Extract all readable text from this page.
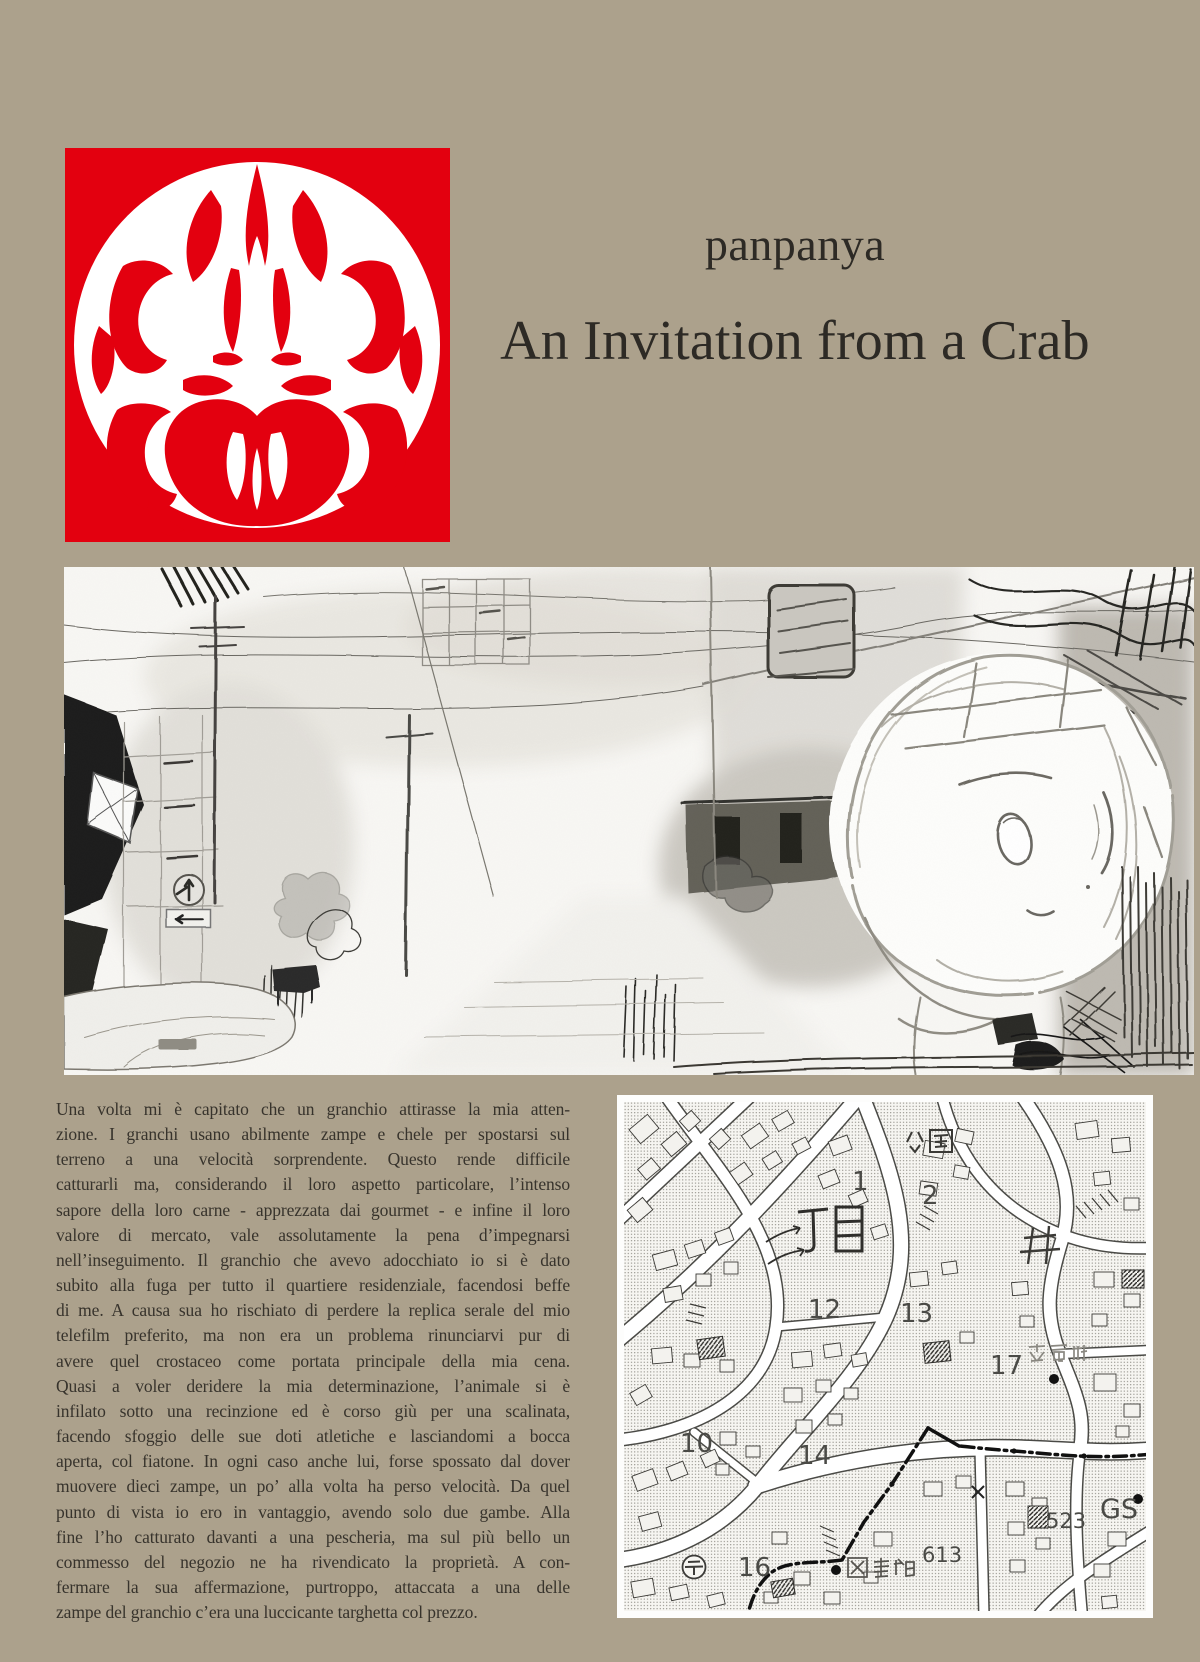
panpanya
An Invitation from a Crab
Una volta mi è capitato che un granchio attirasse la mia atten-
zione. I granchi usano abilmente zampe e chele per spostarsi sul
terreno a una velocità sorprendente. Questo rende difficile
catturarli ma, considerando il loro aspetto particolare, l’intenso
sapore della loro carne - apprezzata dai gourmet - e infine il loro
valore di mercato, vale assolutamente la pena d’impegnarsi
nell’inseguimento. Il granchio che avevo adocchiato io si è dato
subito alla fuga per tutto il quartiere residenziale, facendosi beffe
di me. A causa sua ho rischiato di perdere la replica serale del mio
telefilm preferito, ma non era un problema rinunciarvi pur di
avere quel crostaceo come portata principale della mia cena.
Quasi a voler deridere la mia determinazione, l’animale si è
infilato sotto una recinzione ed è corso giù per una scalinata,
facendo sfoggio delle sue doti atletiche e lasciandomi a bocca
aperta, col fiatone. In ogni caso anche lui, forse spossato dal dover
muovere dieci zampe, un po’ alla volta ha perso velocità. Da quel
punto di vista io ero in vantaggio, avendo solo due gambe. Alla
fine l’ho catturato davanti a una pescheria, ma sul più bello un
commesso del negozio ne ha rivendicato la proprietà. A con-
fermare la sua affermazione, purtroppo, attaccata a una delle
zampe del granchio c’era una luccicante targhetta col prezzo.
2
1
12 13
17
10	14
16
523 GS
613
